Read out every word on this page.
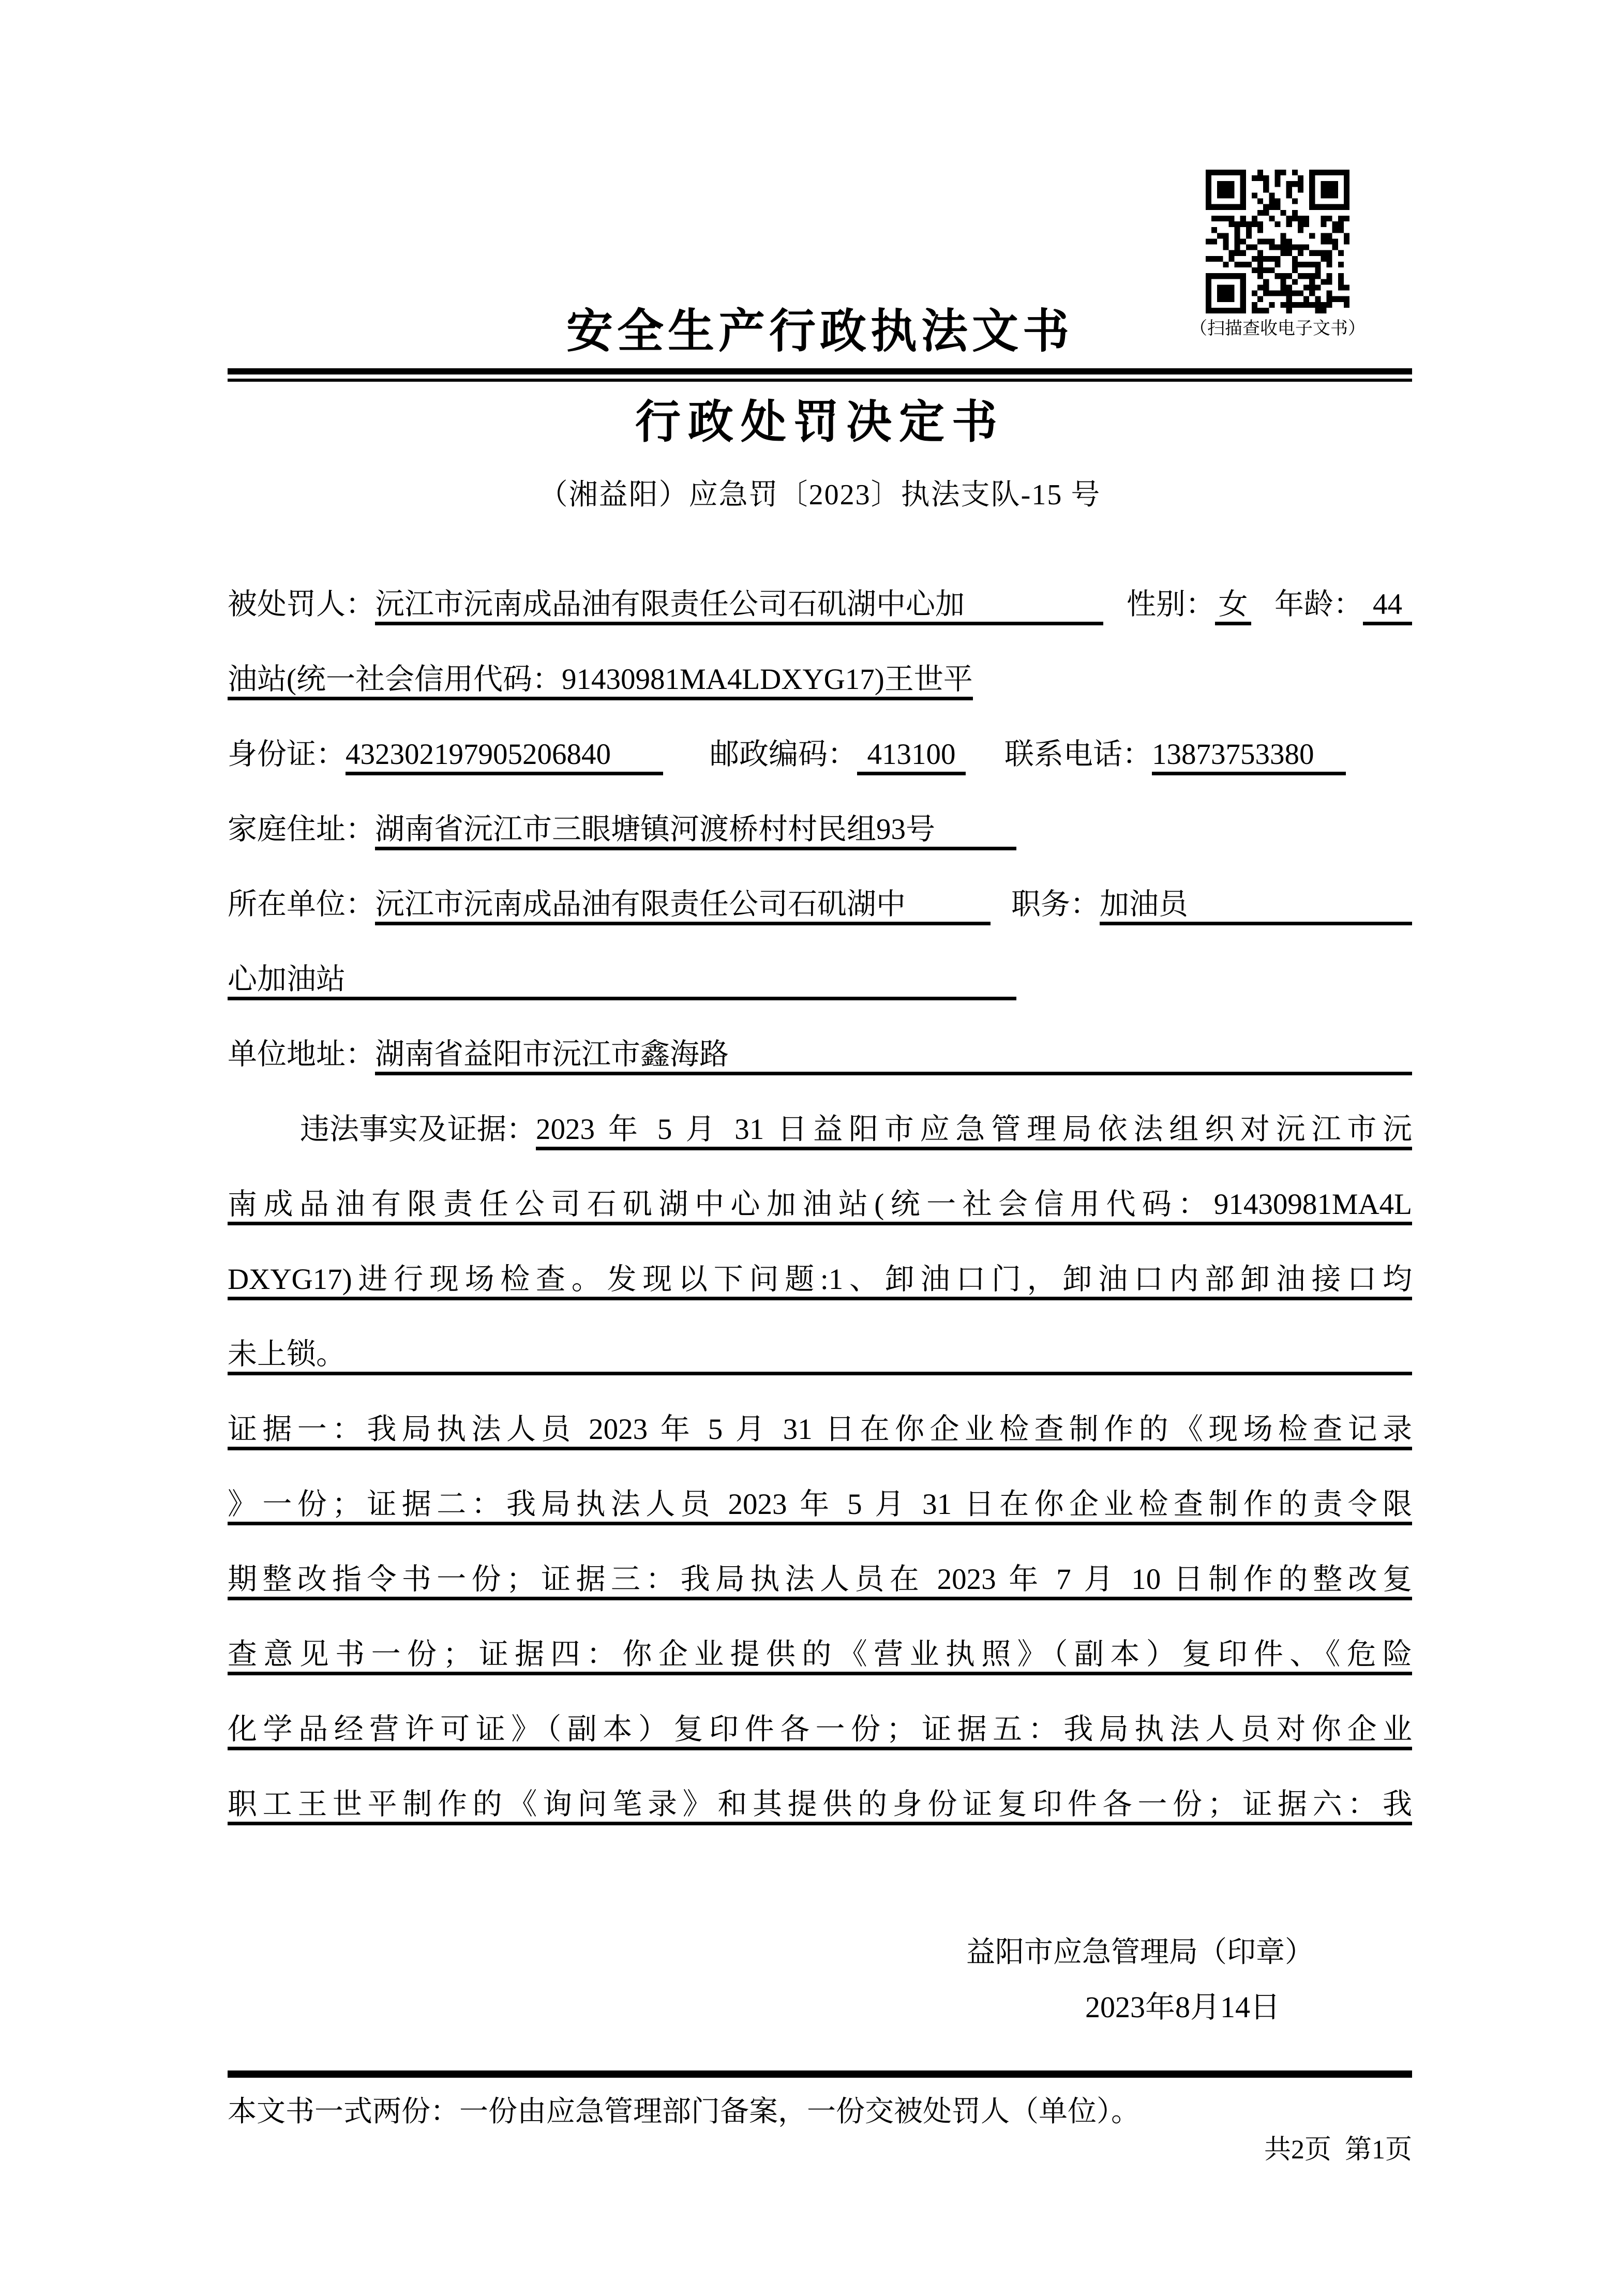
（扫描查收电子文书）
安全生产行政执法文书
行政处罚决定书
（湘益阳）应急罚〔2023〕执法支队-15 号
被处罚人： 沅江市沅南成品油有限责任公司石矶湖中心加	性别： 女 年龄： 44
油站(统一社会信用代码：91430981MA4LDXYG17)王世平
身份证： 432302197905206840	邮政编码： 413100	联系电话： 13873753380
家庭住址： 湖南省沅江市三眼塘镇河渡桥村村民组93号
所在单位： 沅江市沅南成品油有限责任公司石矶湖中	职务： 加油员
心加油站
单位地址： 湖南省益阳市沅江市鑫海路
违法事实及证据： 2023 年 5 月 31 日益阳市应急管理局依法组织对沅江市沅
南成品油有限责任公司石矶湖中心加油站(统一社会信用代码：91430981MA4L
DXYG17)进行现场检查。发现以下问题:1、卸油口门，卸油口内部卸油接口均
未上锁。
证据一：我局执法人员 2023 年 5 月 31 日在你企业检查制作的《现场检查记录
》一份；证据二：我局执法人员 2023 年 5 月 31 日在你企业检查制作的责令限
期整改指令书一份；证据三：我局执法人员在 2023 年 7 月 10 日制作的整改复
查意见书一份；证据四：你企业提供的《营业执照》（副本）复印件、《危险
化学品经营许可证》（副本）复印件各一份；证据五：我局执法人员对你企业
职工王世平制作的《询问笔录》和其提供的身份证复印件各一份；证据六：我
益阳市应急管理局（印章）
2023年8月14日
本文书一式两份：一份由应急管理部门备案，一份交被处罚人（单位）。
共2页  第1页
